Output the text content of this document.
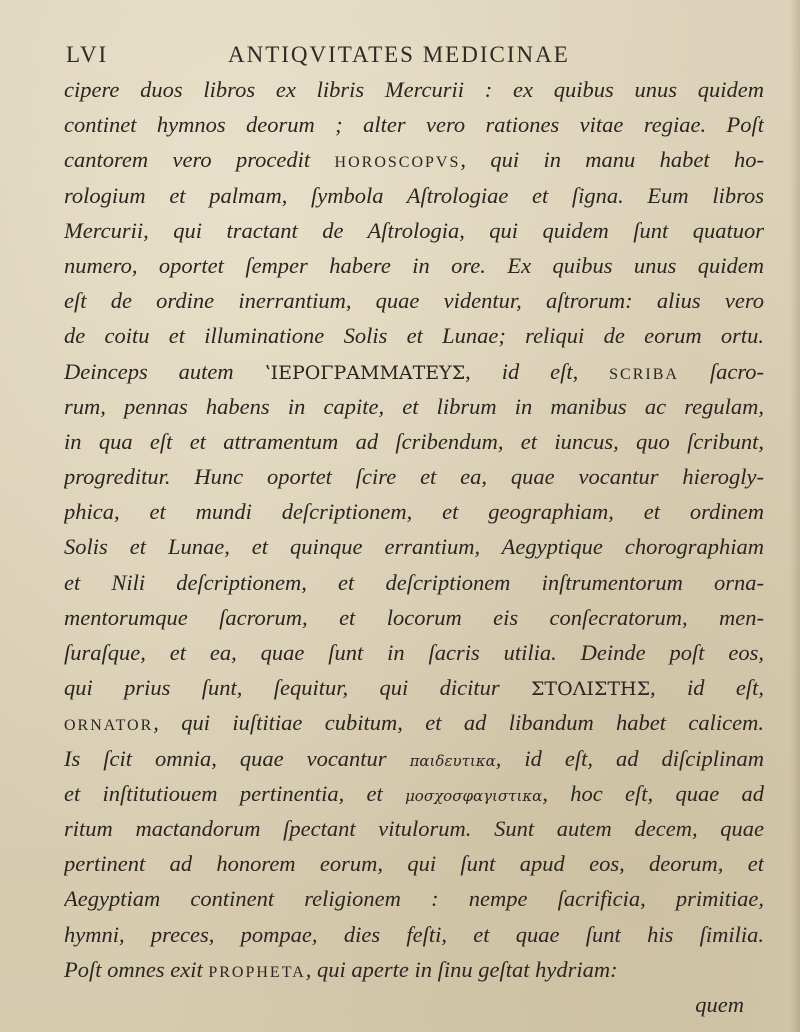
LVI	ANTIQVITATES MEDICINAE
cipere duos libros ex libris Mercurii : ex quibus unus quidem
continet hymnos deorum ; alter vero rationes vitae regiae. Poſt
cantorem vero procedit HOROSCOPVS, qui in manu habet ho-
rologium et palmam, ſymbola Aſtrologiae et ſigna. Eum libros
Mercurii, qui tractant de Aſtrologia, qui quidem ſunt quatuor
numero, oportet ſemper habere in ore. Ex quibus unus quidem
eſt de ordine inerrantium, quae videntur, aſtrorum: alius vero
de coitu et illuminatione Solis et Lunae; reliqui de eorum ortu.
Deinceps autem ʽΙΕΡΟΓΡΑΜΜΑΤΕΥΣ, id eſt, SCRIBA ſacro-
rum, pennas habens in capite, et librum in manibus ac regulam,
in qua eſt et attramentum ad ſcribendum, et iuncus, quo ſcribunt,
progreditur. Hunc oportet ſcire et ea, quae vocantur hierogly-
phica, et mundi deſcriptionem, et geographiam, et ordinem
Solis et Lunae, et quinque errantium, Aegyptique chorographiam
et Nili deſcriptionem, et deſcriptionem inſtrumentorum orna-
mentorumque ſacrorum, et locorum eis conſecratorum, men-
ſuraſque, et ea, quae ſunt in ſacris utilia. Deinde poſt eos,
qui prius ſunt, ſequitur, qui dicitur ΣΤΟΛΙΣΤΗΣ, id eſt,
ORNATOR, qui iuſtitiae cubitum, et ad libandum habet calicem.
Is ſcit omnia, quae vocantur παιδευτικα, id eſt, ad diſciplinam
et inſtitutiouem pertinentia, et μοσχοσφαγιστικα, hoc eſt, quae ad
ritum mactandorum ſpectant vitulorum. Sunt autem decem, quae
pertinent ad honorem eorum, qui ſunt apud eos, deorum, et
Aegyptiam continent religionem : nempe ſacrificia, primitiae,
hymni, preces, pompae, dies feſti, et quae ſunt his ſimilia.
Poſt omnes exit PROPHETA, qui aperte in ſinu geſtat hydriam:
quem
